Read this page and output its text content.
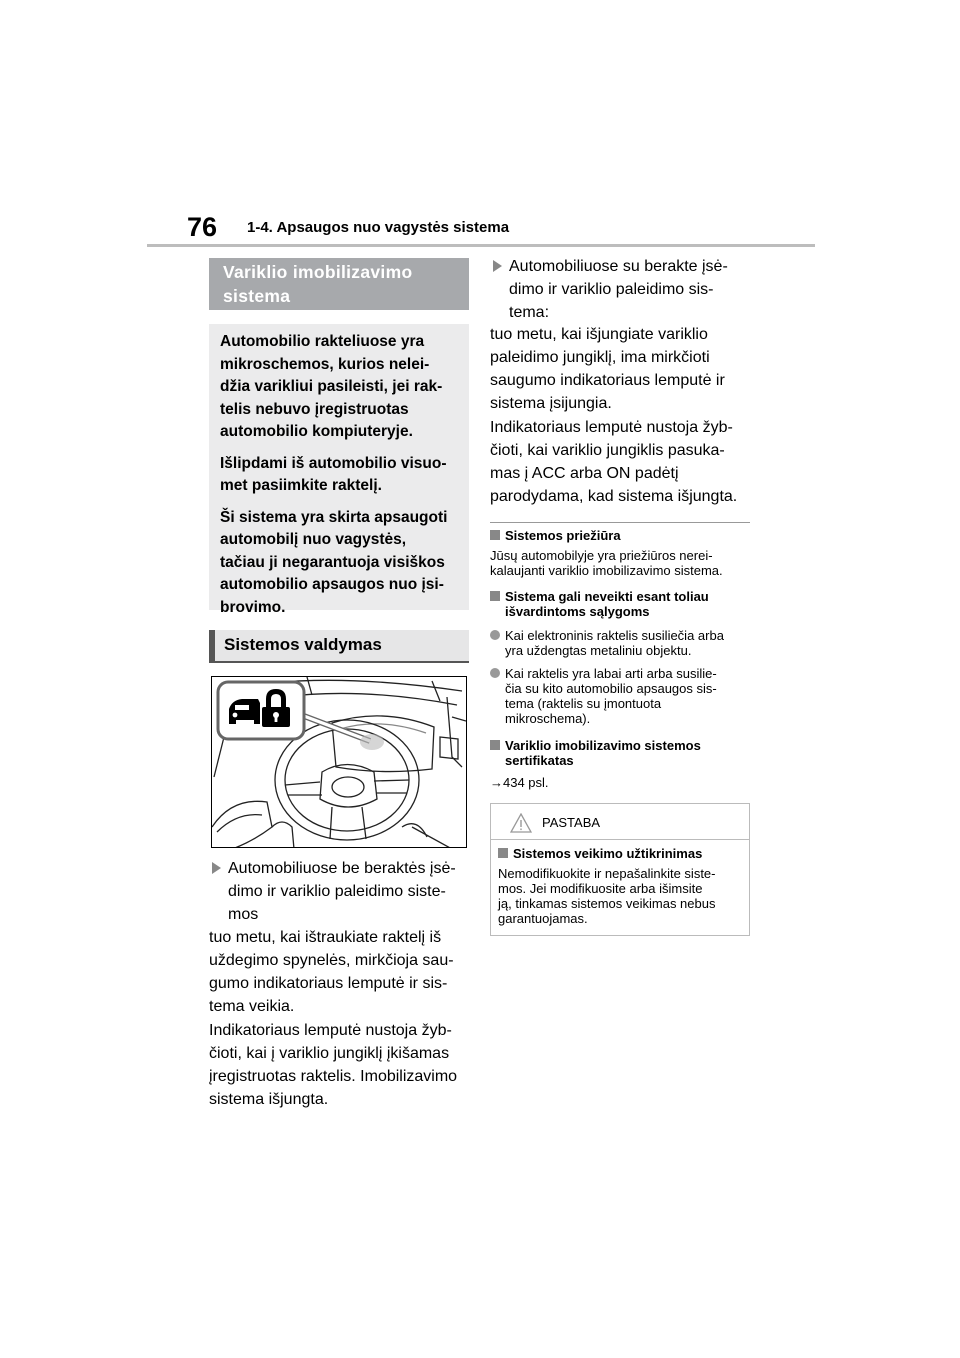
76 1-4. Apsaugos nuo vagystės sistema
Variklio imobilizavimo
sistema

Automobilio rakteliuose yra
mikroschemos, kurios nelei-
džia varikliui pasileisti, jei rak-
telis nebuvo įregistruotas
automobilio kompiuteryje.

Išlipdami iš automobilio visuo-
met pasiimkite raktelį.

Ši sistema yra skirta apsaugoti
automobilį nuo vagystės,
tačiau ji negarantuoja visiškos
automobilio apsaugos nuo įsi-
brovimo.

Sistemos valdymas
Automobiliuose be beraktės įsė-
dimo ir variklio paleidimo siste-
mos
tuo metu, kai ištraukiate raktelį iš
uždegimo spynelės, mirkčioja sau-
gumo indikatoriaus lemputė ir sis-
tema veikia.
Indikatoriaus lemputė nustoja žyb-
čioti, kai į variklio jungiklį įkišamas
įregistruotas raktelis. Imobilizavimo
sistema išjungta.
Automobiliuose su berakte įsė-
dimo ir variklio paleidimo sis-
tema:
tuo metu, kai išjungiate variklio
paleidimo jungiklį, ima mirkčioti
saugumo indikatoriaus lemputė ir
sistema įsijungia.
Indikatoriaus lemputė nustoja žyb-
čioti, kai variklio jungiklis pasuka-
mas į ACC arba ON padėtį
parodydama, kad sistema išjungta.
Sistemos priežiūra
Jūsų automobilyje yra priežiūros nerei-
kalaujanti variklio imobilizavimo sistema.
Sistema gali neveikti esant toliau
išvardintoms sąlygoms
Kai elektroninis raktelis susiliečia arba
yra uždengtas metaliniu objektu.
Kai raktelis yra labai arti arba susilie-
čia su kito automobilio apsaugos sis-
tema (raktelis su įmontuota
mikroschema).
Variklio imobilizavimo sistemos
sertifikatas
→434 psl.
PASTABA
Sistemos veikimo užtikrinimas
Nemodifikuokite ir nepašalinkite siste-
mos. Jei modifikuosite arba išimsite
ją, tinkamas sistemos veikimas nebus
garantuojamas.
